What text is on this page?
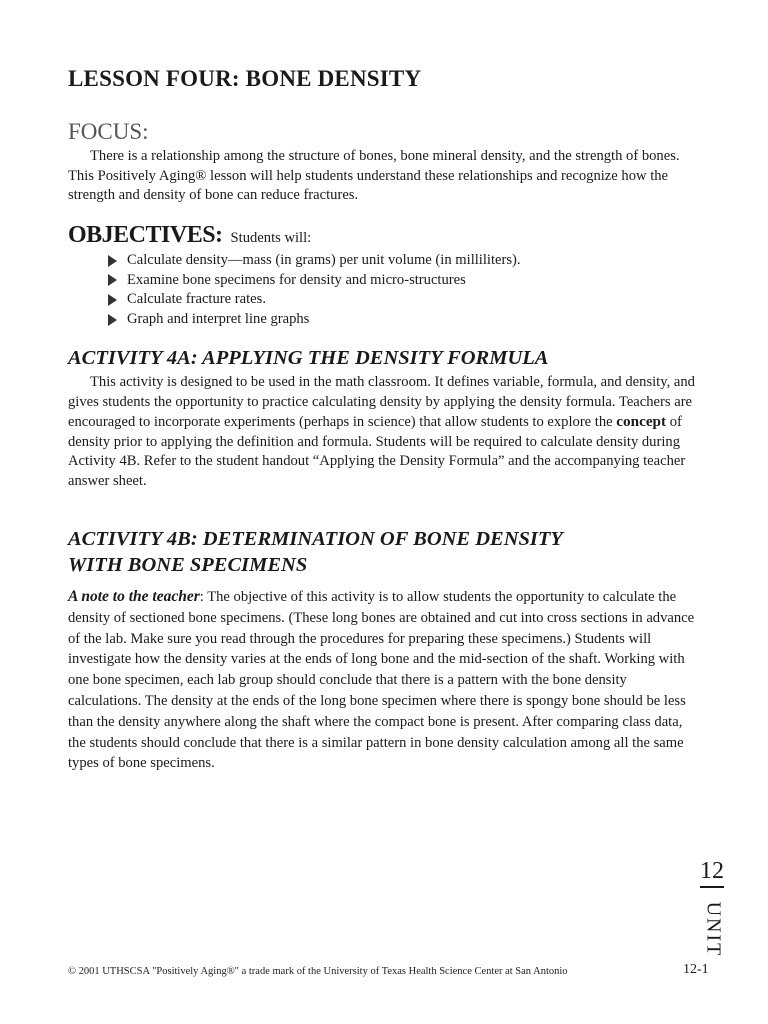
LESSON FOUR: BONE DENSITY
FOCUS:

There is a relationship among the structure of bones, bone mineral density, and the strength of bones. This Positively Aging® lesson will help students understand these relationships and recognize how the strength and density of bone can reduce fractures.

OBJECTIVES: Students will:
Calculate density—mass (in grams) per unit volume (in milliliters).
Examine bone specimens for density and micro-structures
Calculate fracture rates.
Graph and interpret line graphs
ACTIVITY 4A: APPLYING THE DENSITY FORMULA

This activity is designed to be used in the math classroom. It defines variable, formula, and density, and gives students the opportunity to practice calculating density by applying the density formula. Teachers are encouraged to incorporate experiments (perhaps in science) that allow students to explore the concept of density prior to applying the definition and formula. Students will be required to calculate density during Activity 4B. Refer to the student handout “Applying the Density Formula” and the accompanying teacher answer sheet.

ACTIVITY 4B: DETERMINATION OF BONE DENSITY
WITH BONE SPECIMENS

A note to the teacher: The objective of this activity is to allow students the opportunity to calculate the density of sectioned bone specimens. (These long bones are obtained and cut into cross sections in advance of the lab. Make sure you read through the procedures for preparing these specimens.) Students will investigate how the density varies at the ends of long bone and the mid-section of the shaft. Working with one bone specimen, each lab group should conclude that there is a pattern with the bone density calculations. The density at the ends of the long bone specimen where there is spongy bone should be less than the density anywhere along the shaft where the compact bone is present. After comparing class data, the students should conclude that there is a similar pattern in bone density calculation among all the same types of bone specimens.

12
UNIT
© 2001 UTHSCSA "Positively Aging®" a trade mark of the University of Texas Health Science Center at San Antonio	12-1
